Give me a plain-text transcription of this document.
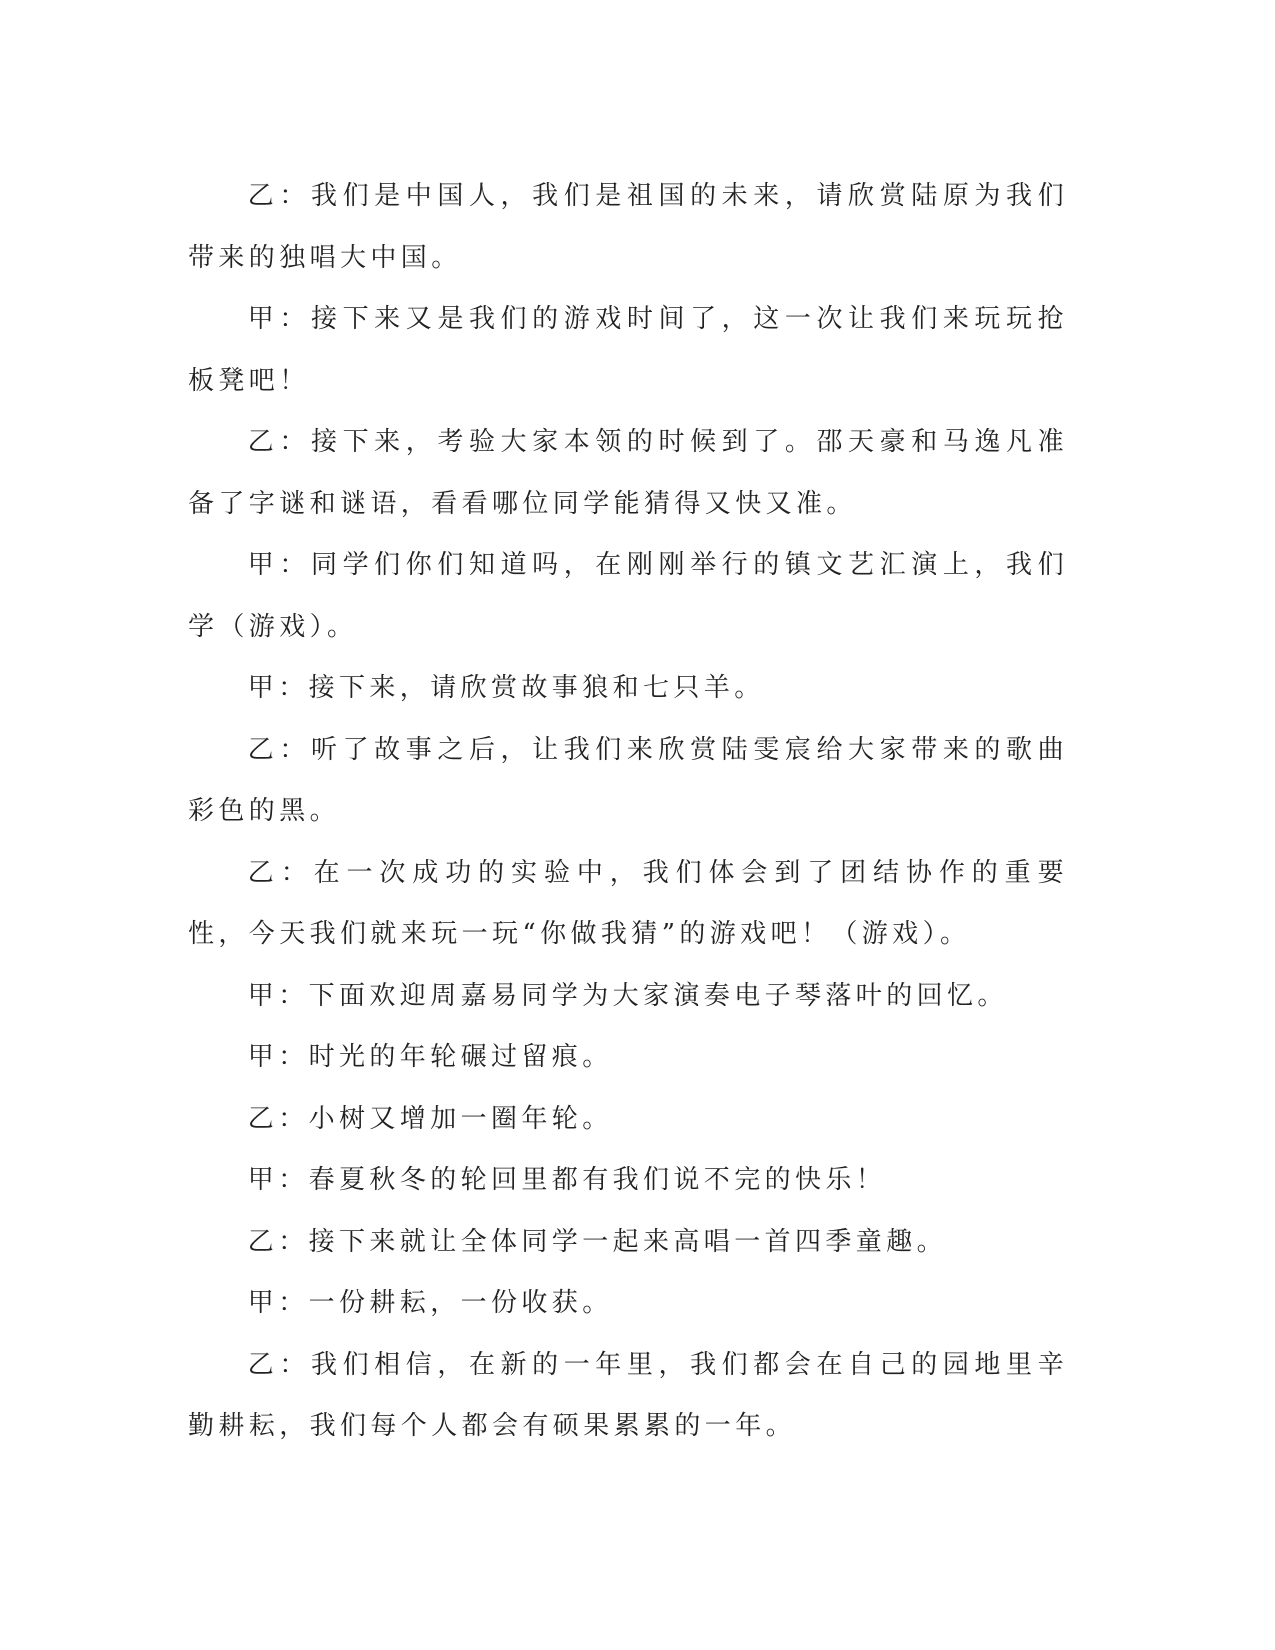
乙：我们是中国人，我们是祖国的未来，请欣赏陆原为我们带来的独唱大中国。

甲：接下来又是我们的游戏时间了，这一次让我们来玩玩抢板凳吧！

乙：接下来，考验大家本领的时候到了。邵天豪和马逸凡准备了字谜和谜语，看看哪位同学能猜得又快又准。

甲：同学们你们知道吗，在刚刚举行的镇文艺汇演上，我们学（游戏）。

甲：接下来，请欣赏故事狼和七只羊。

乙：听了故事之后，让我们来欣赏陆雯宸给大家带来的歌曲彩色的黑。

乙：在一次成功的实验中，我们体会到了团结协作的重要性，今天我们就来玩一玩“你做我猜”的游戏吧！（游戏）。

甲：下面欢迎周嘉易同学为大家演奏电子琴落叶的回忆。

甲：时光的年轮碾过留痕。

乙：小树又增加一圈年轮。

甲：春夏秋冬的轮回里都有我们说不完的快乐！

乙：接下来就让全体同学一起来高唱一首四季童趣。

甲：一份耕耘，一份收获。

乙：我们相信，在新的一年里，我们都会在自己的园地里辛勤耕耘，我们每个人都会有硕果累累的一年。
